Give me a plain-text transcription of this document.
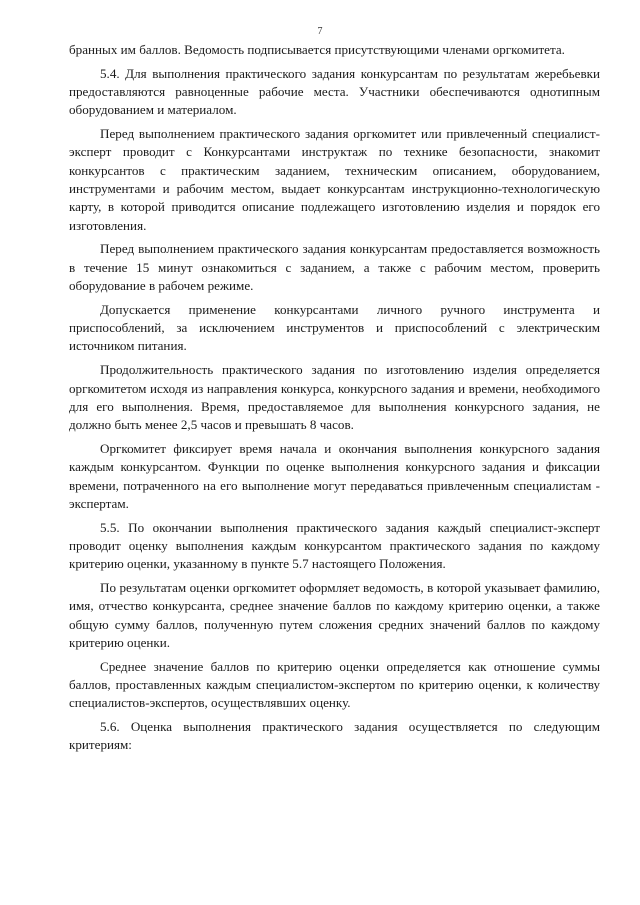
7

бранных им баллов. Ведомость подписывается присутствующими членами оргкомитета.

5.4. Для выполнения практического задания конкурсантам по результатам жеребьевки предоставляются равноценные рабочие места. Участники обеспечиваются однотипным оборудованием и материалом.

Перед выполнением практического задания оргкомитет или привлеченный специалист-эксперт проводит с Конкурсантами инструктаж по технике безопасности, знакомит конкурсантов с практическим заданием, техническим описанием, оборудованием, инструментами и рабочим местом, выдает конкурсантам инструкционно-технологическую карту, в которой приводится описание подлежащего изготовлению изделия и порядок его изготовления.

Перед выполнением практического задания конкурсантам предоставляется возможность в течение 15 минут ознакомиться с заданием, а также с рабочим местом, проверить оборудование в рабочем режиме.

Допускается применение конкурсантами личного ручного инструмента и приспособлений, за исключением инструментов и приспособлений с электрическим источником питания.

Продолжительность практического задания по изготовлению изделия определяется оргкомитетом исходя из направления конкурса, конкурсного задания и времени, необходимого для его выполнения. Время, предоставляемое для выполнения конкурсного задания, не должно быть менее 2,5 часов и превышать 8 часов.

Оргкомитет фиксирует время начала и окончания выполнения конкурсного задания каждым конкурсантом. Функции по оценке выполнения конкурсного задания и фиксации времени, потраченного на его выполнение могут передаваться привлеченным специалистам - экспертам.

5.5. По окончании выполнения практического задания каждый специалист-эксперт проводит оценку выполнения каждым конкурсантом практического задания по каждому критерию оценки, указанному в пункте 5.7 настоящего Положения.

По результатам оценки оргкомитет оформляет ведомость, в которой указывает фамилию, имя, отчество конкурсанта, среднее значение баллов по каждому критерию оценки, а также общую сумму баллов, полученную путем сложения средних значений баллов по каждому критерию оценки.

Среднее значение баллов по критерию оценки определяется как отношение суммы баллов, проставленных каждым специалистом-экспертом по критерию оценки, к количеству специалистов-экспертов, осуществлявших оценку.

5.6. Оценка выполнения практического задания осуществляется по следующим критериям:
